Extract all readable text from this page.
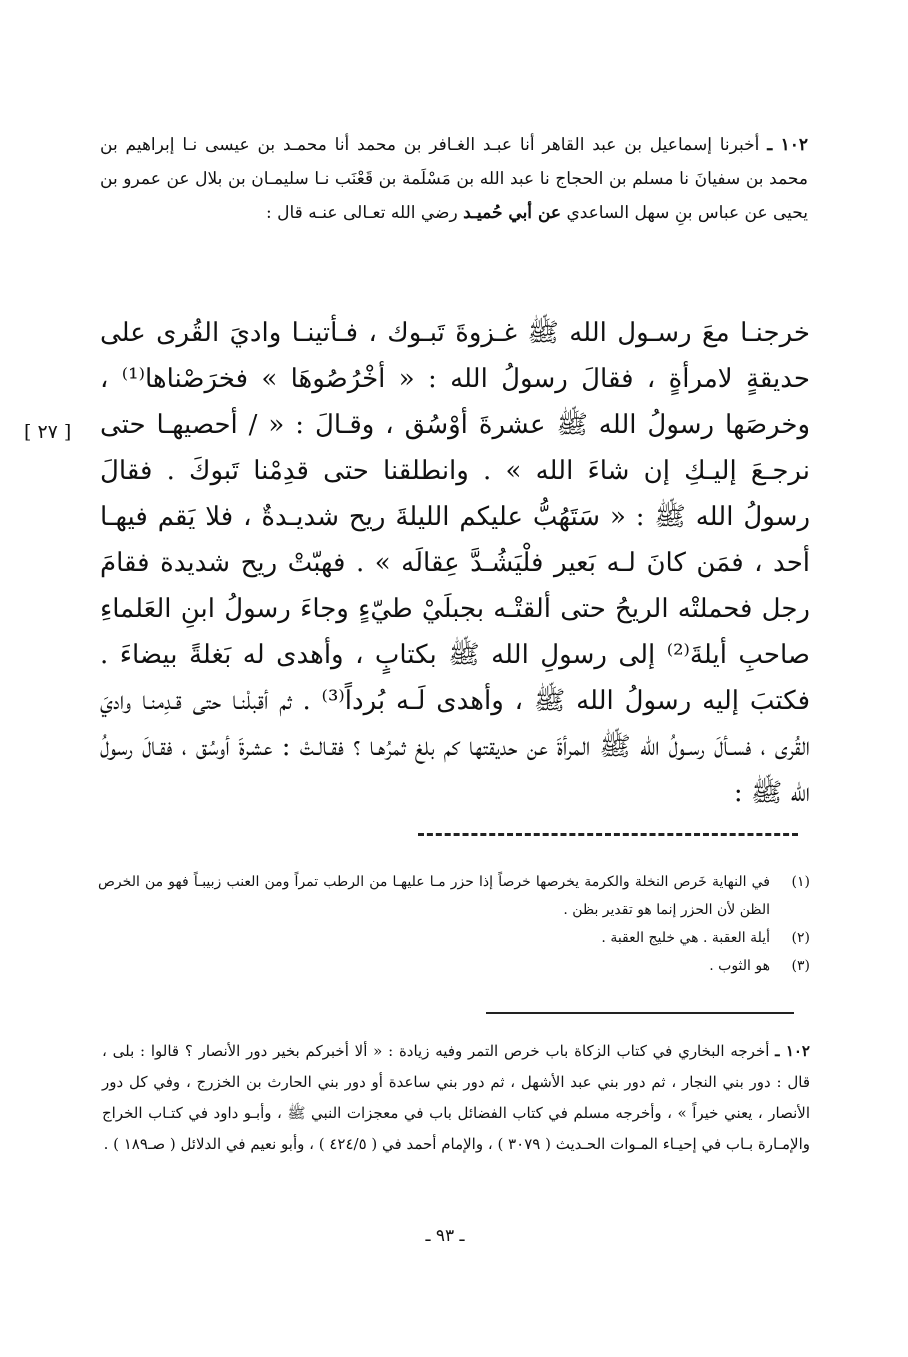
١٠٢ ـ أخبرنا إسماعيل بن عبد القاهر أنا عبـد الغـافر بن محمد أنا محمـد بن عيسى نـا إبراهيم بن محمد بن سفيانَ نا مسلم بن الحجاج نا عبد الله بن مَسْلَمة بن قَعْنَب نـا سليمـان بن بلال عن عمرو بن يحيى عن عباس بنِ سهل الساعدي عن أبي حُميـد رضي الله تعـالى عنـه قال :

خرجنـا معَ رسـول الله ﷺ غـزوةَ تَبـوك ، فـأتينـا واديَ القُرى على حديقةٍ لامرأةٍ ، فقالَ رسولُ الله : « أخْرُصُوهَا » فخرَصْناها⁽¹⁾ ، وخرصَها رسولُ الله ﷺ عشرةَ أوْسُق ، وقـالَ : « / أحصيهـا حتى نرجـعَ إليـكِ إن شاءَ الله » . وانطلقنا حتى قدِمْنا تَبوكَ . فقالَ رسولُ الله ﷺ : « سَتَهُبُّ عليكم الليلةَ ريح شديـدةٌ ، فلا يَقم فيهـا أحد ، فمَن كانَ لـه بَعير فلْيَشُـدَّ عِقالَه » . فهبّتْ ريح شديدة فقامَ رجل فحملتْه الريحُ حتى ألقتْـه بجبلَيْ طيّءٍ وجاءَ رسولُ ابنِ العَلماءِ صاحبِ أيلةَ⁽²⁾ إلى رسولِ الله ﷺ بكتابٍ ، وأهدى له بَغلةً بيضاءَ . فكتبَ إليه رسولُ الله ﷺ ، وأهدى لَـه بُرداً⁽³⁾ . ثم أقبلْنـا حتى قـدِمنـا واديَ القُرى ، فسـألَ رسـولُ الله ﷺ المرأةَ عن حديقتها كم بلغ ثمرُهـا ؟ فقـالـتْ : عشرةَ أوسُق ، فقـالَ رسولُ الله ﷺ :

[ ٢٧ ]
(١)
في النهاية خَرص النخلة والكرمة يخرصها خرصاً إذا حزر مـا عليهـا من الرطب تمراً ومن العنب زبيبـاً فهو من الخرص الظن لأن الحزر إنما هو تقدير بظن .
(٢)
أيلة العقبة . هي خليج العقبة .
(٣)
هو الثوب .

١٠٢ ـ أخرجه البخاري في كتاب الزكاة باب خرص التمر وفيه زيادة : « ألا أخبركم بخير دور الأنصار ؟ قالوا : بلى ، قال : دور بني النجار ، ثم دور بني عبد الأشهل ، ثم دور بني ساعدة أو دور بني الحارث بن الخزرج ، وفي كل دور الأنصار ، يعني خيراً » ، وأخرجه مسلم في كتاب الفضائل باب في معجزات النبي ﷺ ، وأبـو داود في كتـاب الخراج والإمـارة بـاب في إحيـاء المـوات الحـديث ( ٣٠٧٩ ) ، والإمام أحمد في ( ٤٢٤/٥ ) ، وأبو نعيم في الدلائل ( صـ١٨٩ ) .

ـ ٩٣ ـ
